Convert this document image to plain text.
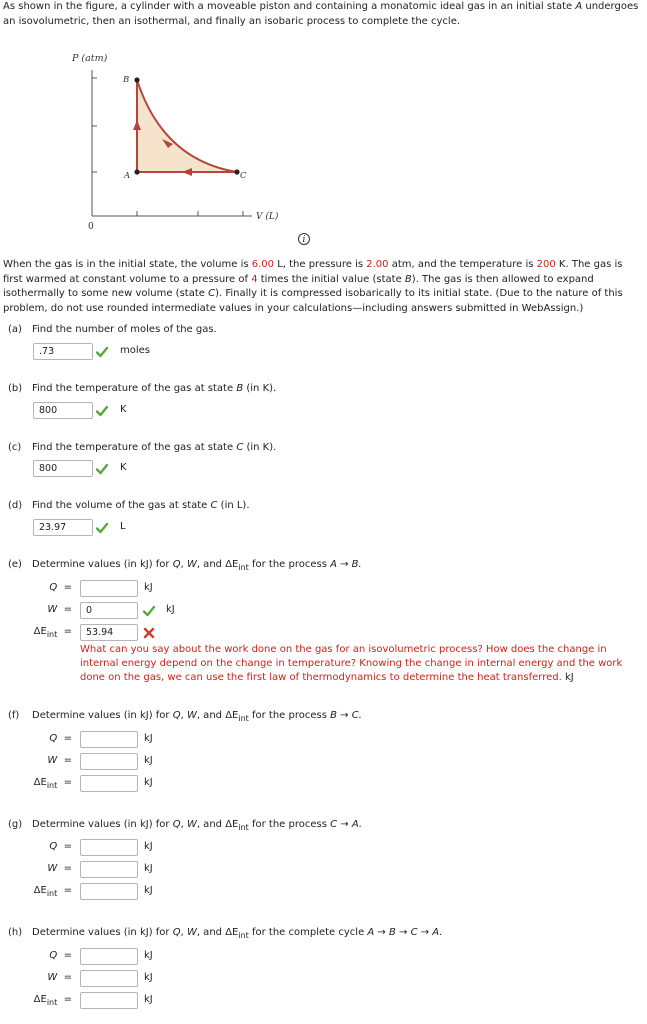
As shown in the figure, a cylinder with a moveable piston and containing a monatomic ideal gas in an initial state A undergoes an isovolumetric, then an isothermal, and finally an isobaric process to complete the cycle.
P (atm)
0
V (L)
B
A	C
i
When the gas is in the initial state, the volume is 6.00 L, the pressure is 2.00 atm, and the temperature is 200 K. The gas is first warmed at constant volume to a pressure of 4 times the initial value (state B). The gas is then allowed to expand isothermally to some new volume (state C). Finally it is compressed isobarically to its initial state. (Due to the nature of this problem, do not use rounded intermediate values in your calculations—including answers submitted in WebAssign.)
(a) Find the number of moles of the gas.
.73	moles
(b) Find the temperature of the gas at state B (in K).
800	K
(c) Find the temperature of the gas at state C (in K).
800	K
(d) Find the volume of the gas at state C (in L).
23.97	L
(e) Determine values (in kJ) for Q, W, and $\Delta E_{int}$ for the process A → B.
Q =	kJ
W =	0	kJ
$\Delta E_{int}$ =	53.94
What can you say about the work done on the gas for an isovolumetric process? How does the change in internal energy depend on the change in temperature? Knowing the change in internal energy and the work done on the gas, we can use the first law of thermodynamics to determine the heat transferred. kJ
(f) Determine values (in kJ) for Q, W, and $\Delta E_{int}$ for the process B → C.
Q =	kJ
W =	kJ
$\Delta E_{int}$ =	kJ
(g) Determine values (in kJ) for Q, W, and $\Delta E_{int}$ for the process C → A.
Q =	kJ
W =	kJ
$\Delta E_{int}$ =	kJ
(h) Determine values (in kJ) for Q, W, and $\Delta E_{int}$ for the complete cycle A → B → C → A.
Q =	kJ
W =	kJ
$\Delta E_{int}$ =	kJ
